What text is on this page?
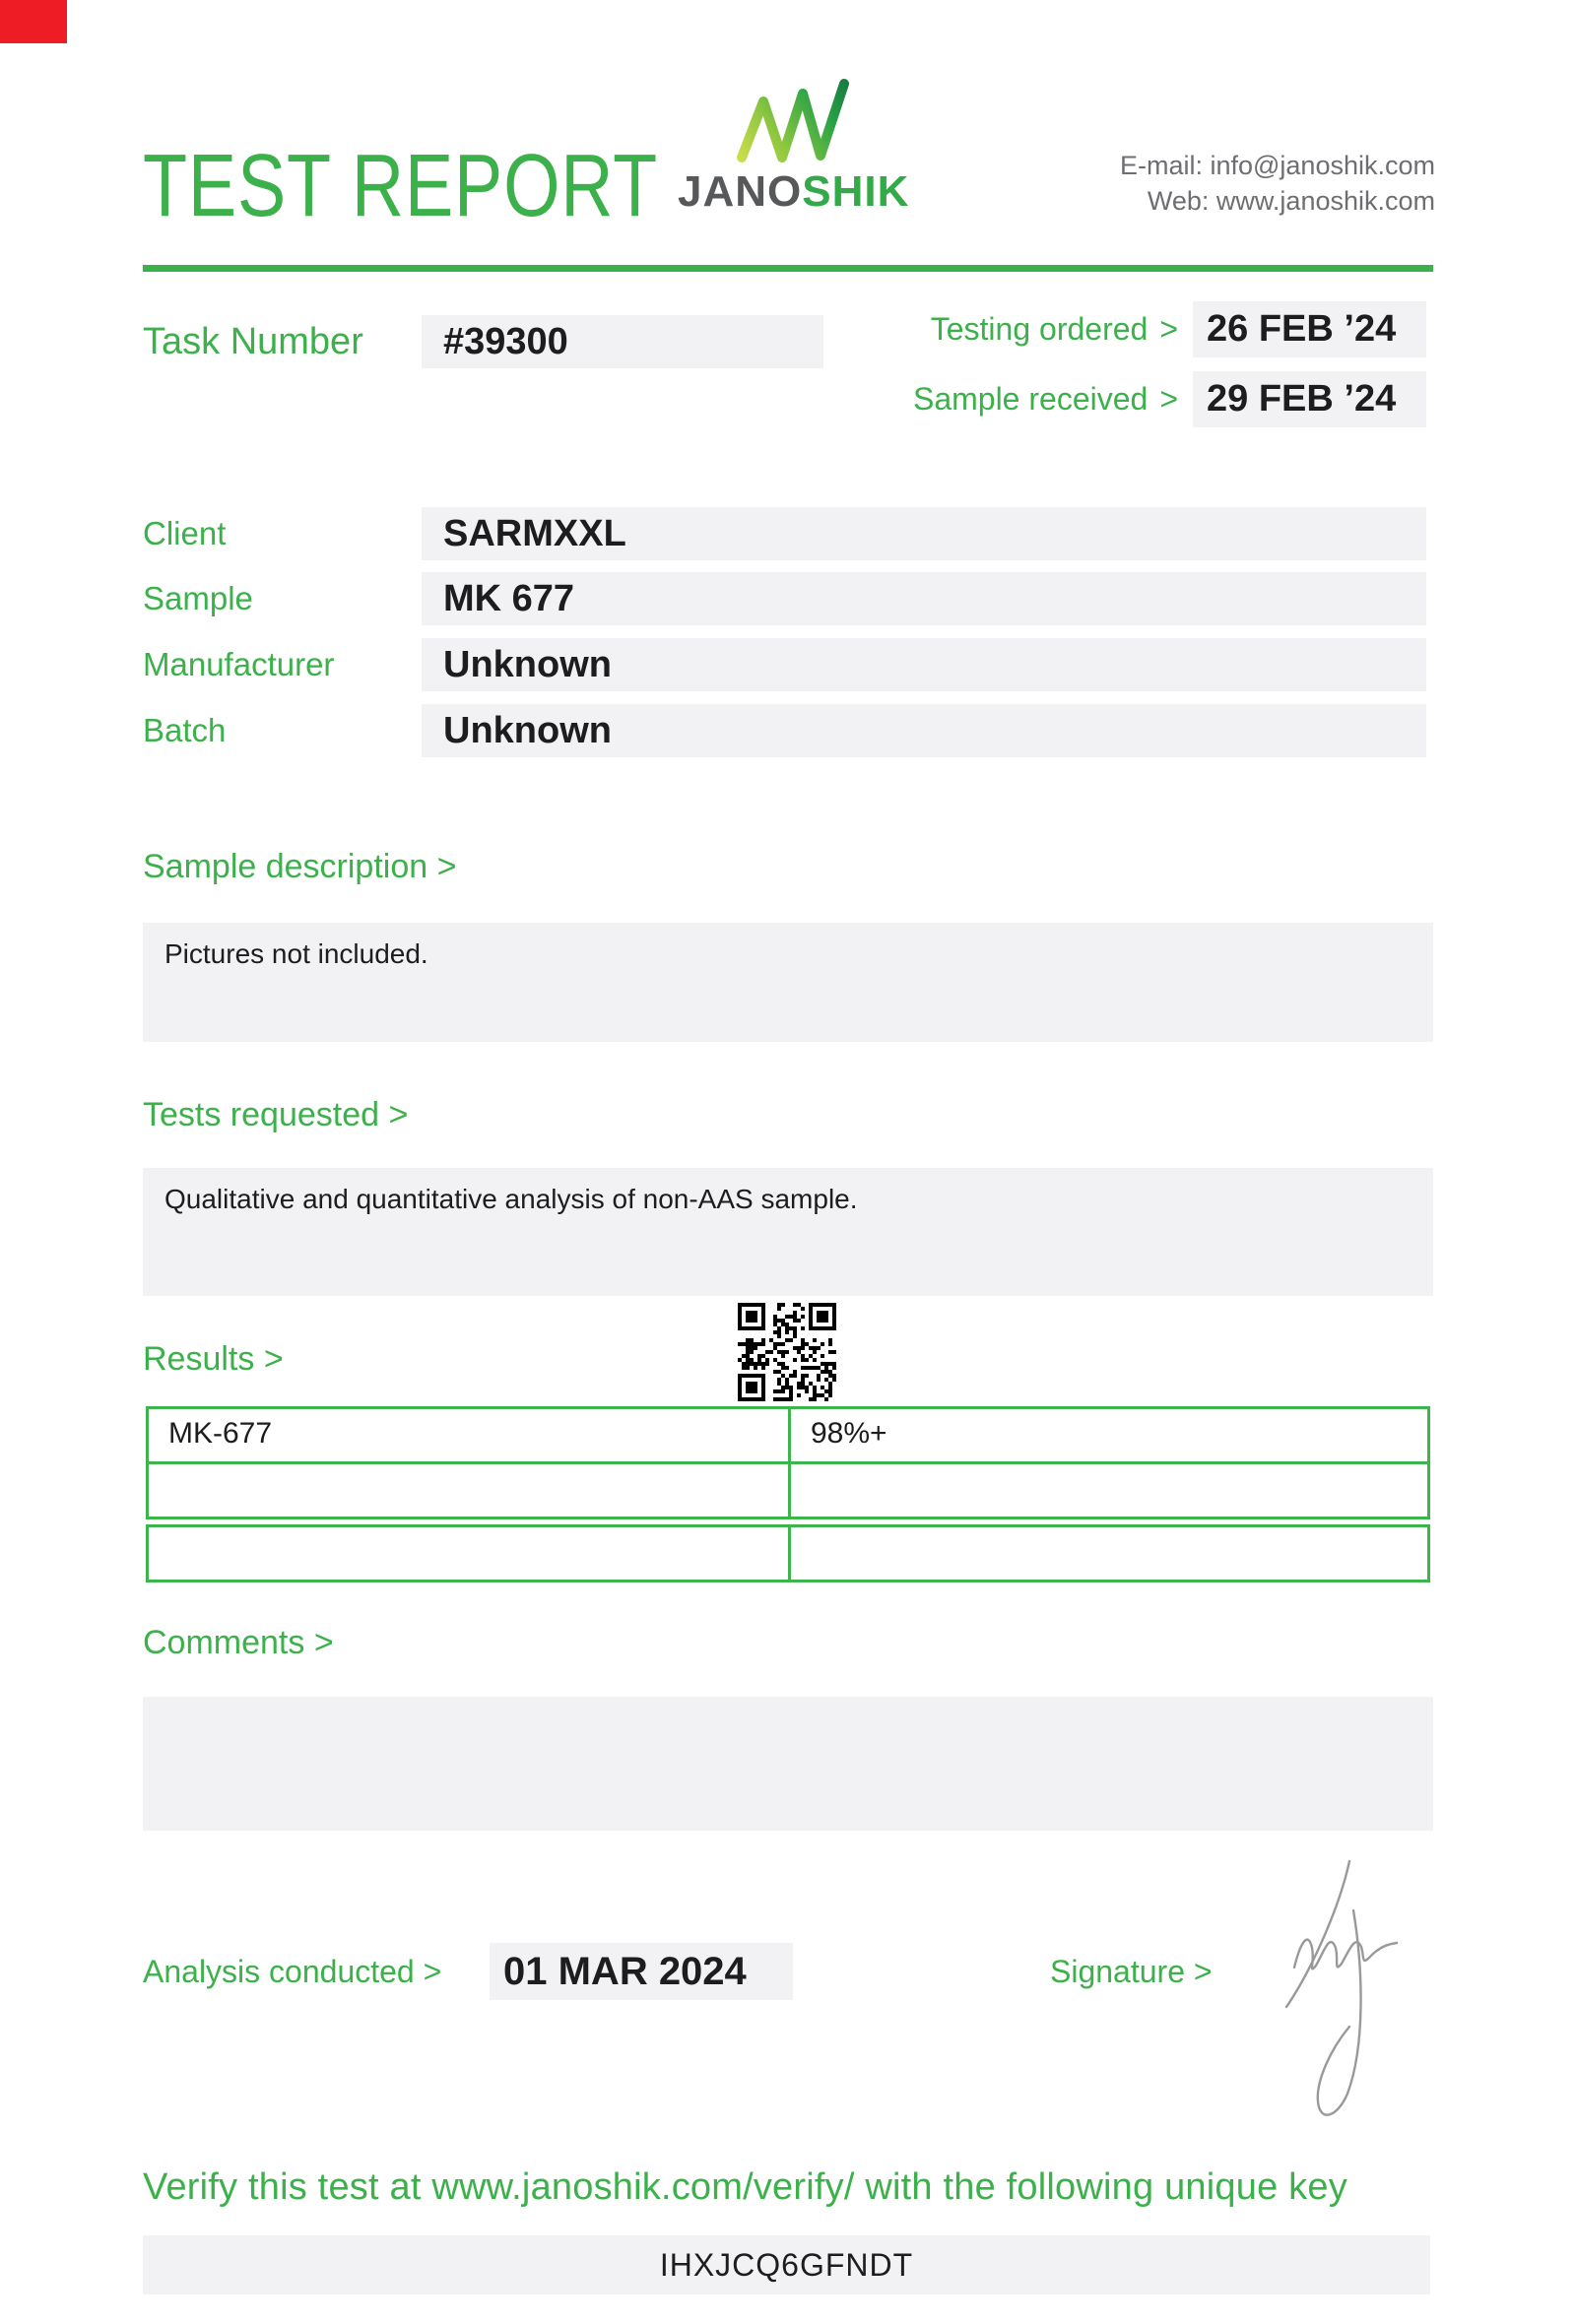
TEST REPORT JANOSHIK
E-mail: info@janoshik.com
Web: www.janoshik.com
Task Number	#39300	Testing ordered > 26 FEB ’24
Sample received > 29 FEB ’24
Client	SARMXXL
Sample	MK 677
Manufacturer	Unknown
Batch	Unknown
Sample description >
Pictures not included.
Tests requested >
Qualitative and quantitative analysis of non-AAS sample.
Results >
MK-677	98%+
Comments >
Analysis conducted >	01 MAR 2024	Signature >
Verify this test at www.janoshik.com/verify/ with the following unique key
IHXJCQ6GFNDT
